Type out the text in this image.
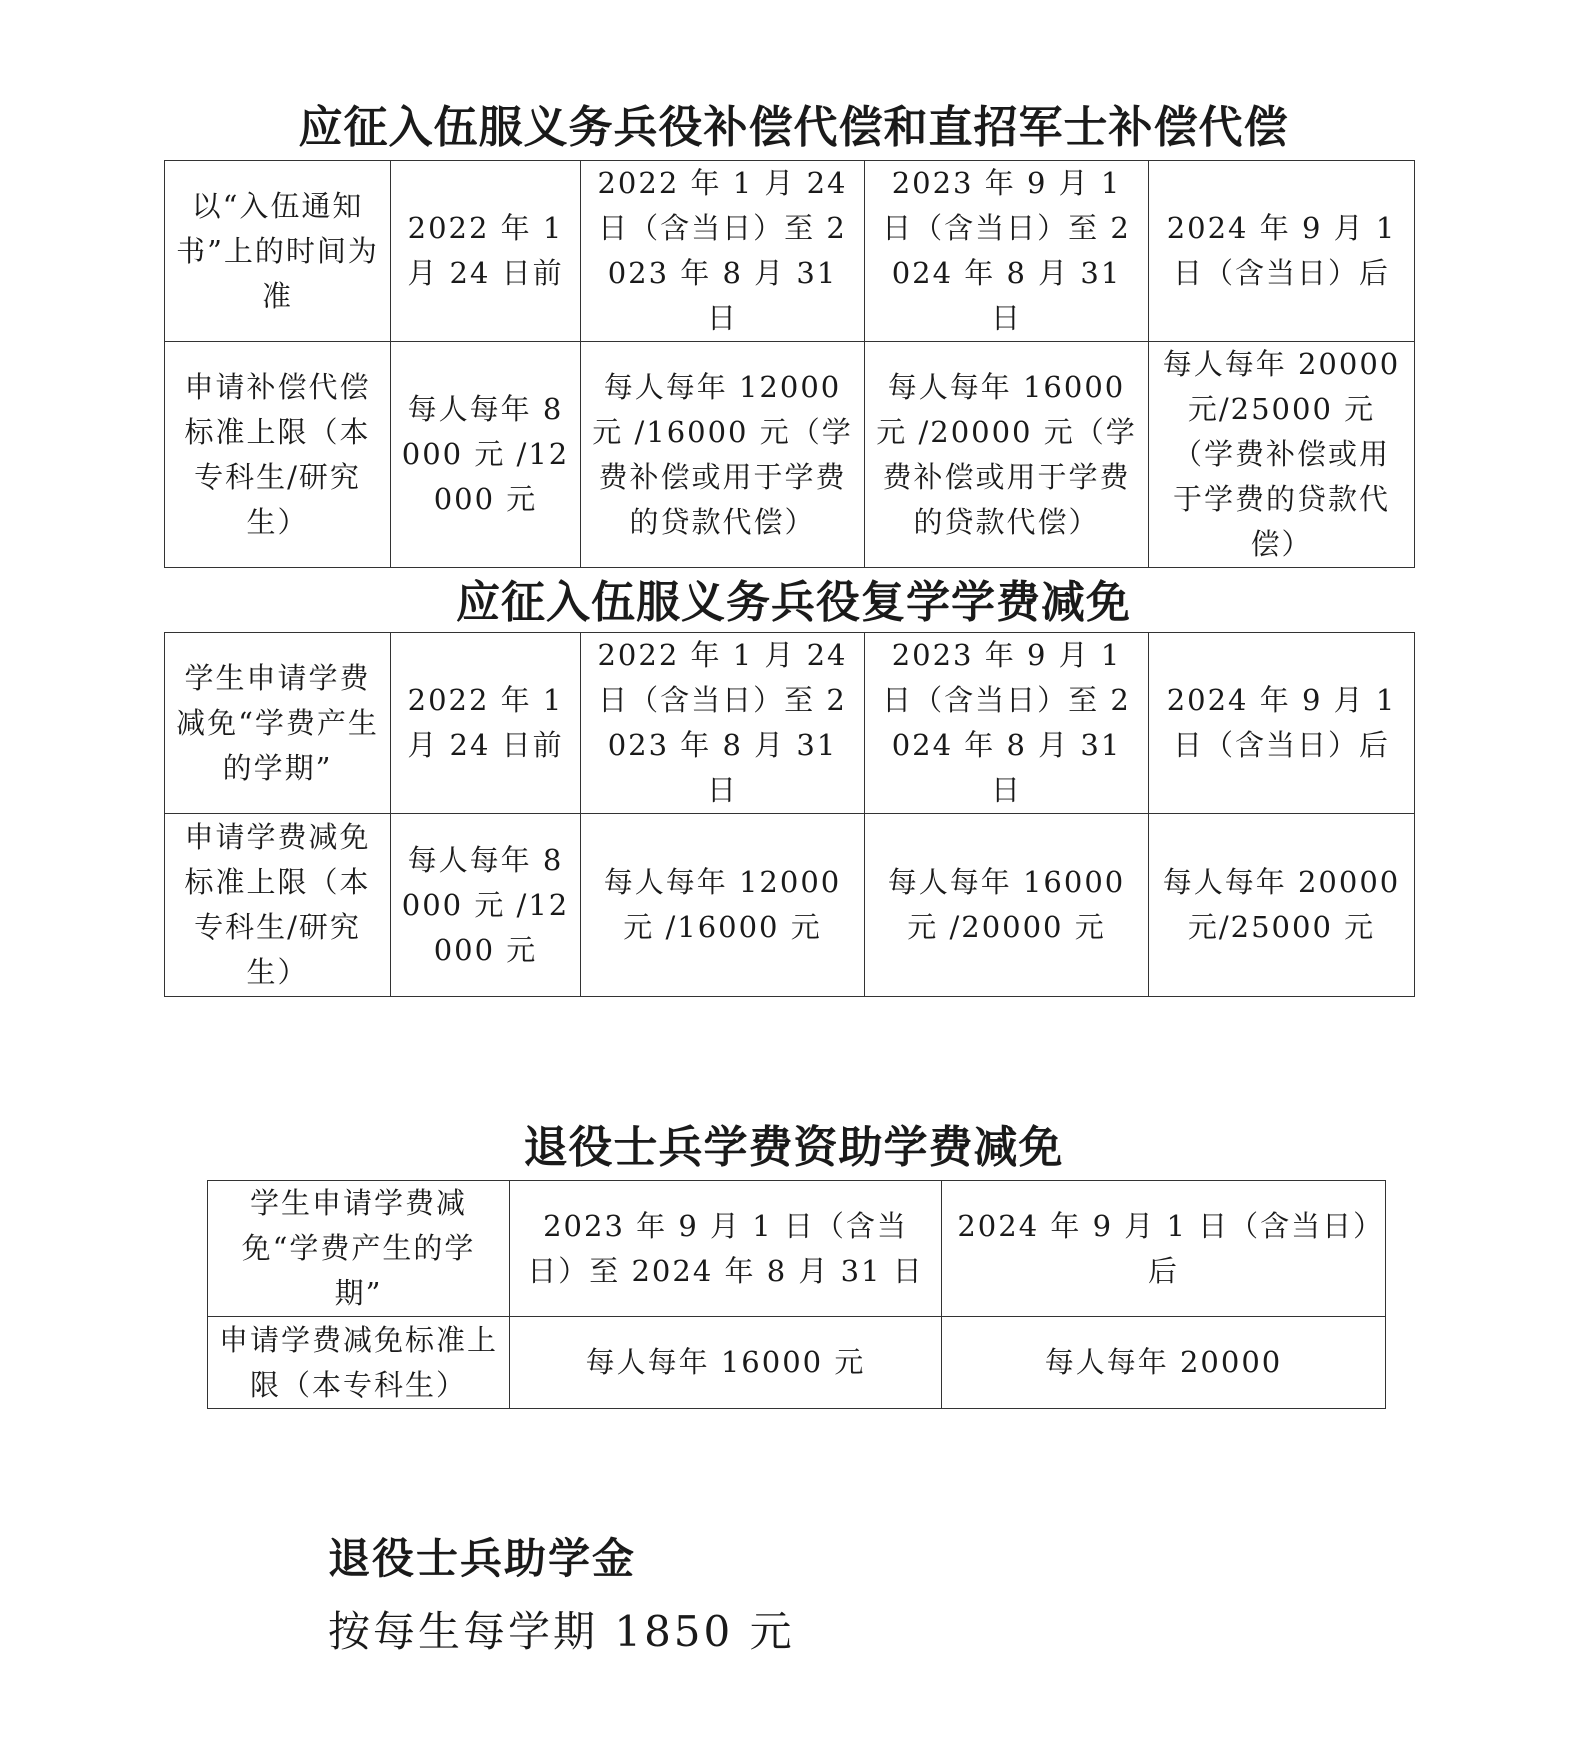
应征入伍服义务兵役补偿代偿和直招军士补偿代偿
以“入伍通知书”上的时间为准	2022 年 1 月 24 日前	2022 年 1 月 24 日（含当日）至 2023 年 8 月 31 日	2023 年 9 月 1 日（含当日）至 2024 年 8 月 31 日	2024 年 9 月 1 日（含当日）后
申请补偿代偿标准上限（本专科生/研究生）	每人每年 8000 元 /12000 元	每人每年 12000 元 /16000 元（学费补偿或用于学费的贷款代偿）	每人每年 16000 元 /20000 元（学费补偿或用于学费的贷款代偿）	每人每年 20000 元/25000 元（学费补偿或用于学费的贷款代偿）
应征入伍服义务兵役复学学费减免
学生申请学费减免“学费产生的学期”	2022 年 1 月 24 日前	2022 年 1 月 24 日（含当日）至 2023 年 8 月 31 日	2023 年 9 月 1 日（含当日）至 2024 年 8 月 31 日	2024 年 9 月 1 日（含当日）后
申请学费减免标准上限（本专科生/研究生）	每人每年 8000 元 /12000 元	每人每年 12000 元 /16000 元	每人每年 16000 元 /20000 元	每人每年 20000 元/25000 元
退役士兵学费资助学费减免
学生申请学费减免“学费产生的学期”	2023 年 9 月 1 日（含当日）至 2024 年 8 月 31 日	2024 年 9 月 1 日（含当日）后
申请学费减免标准上限（本专科生）	每人每年 16000 元	每人每年 20000
退役士兵助学金

按每生每学期 1850 元
